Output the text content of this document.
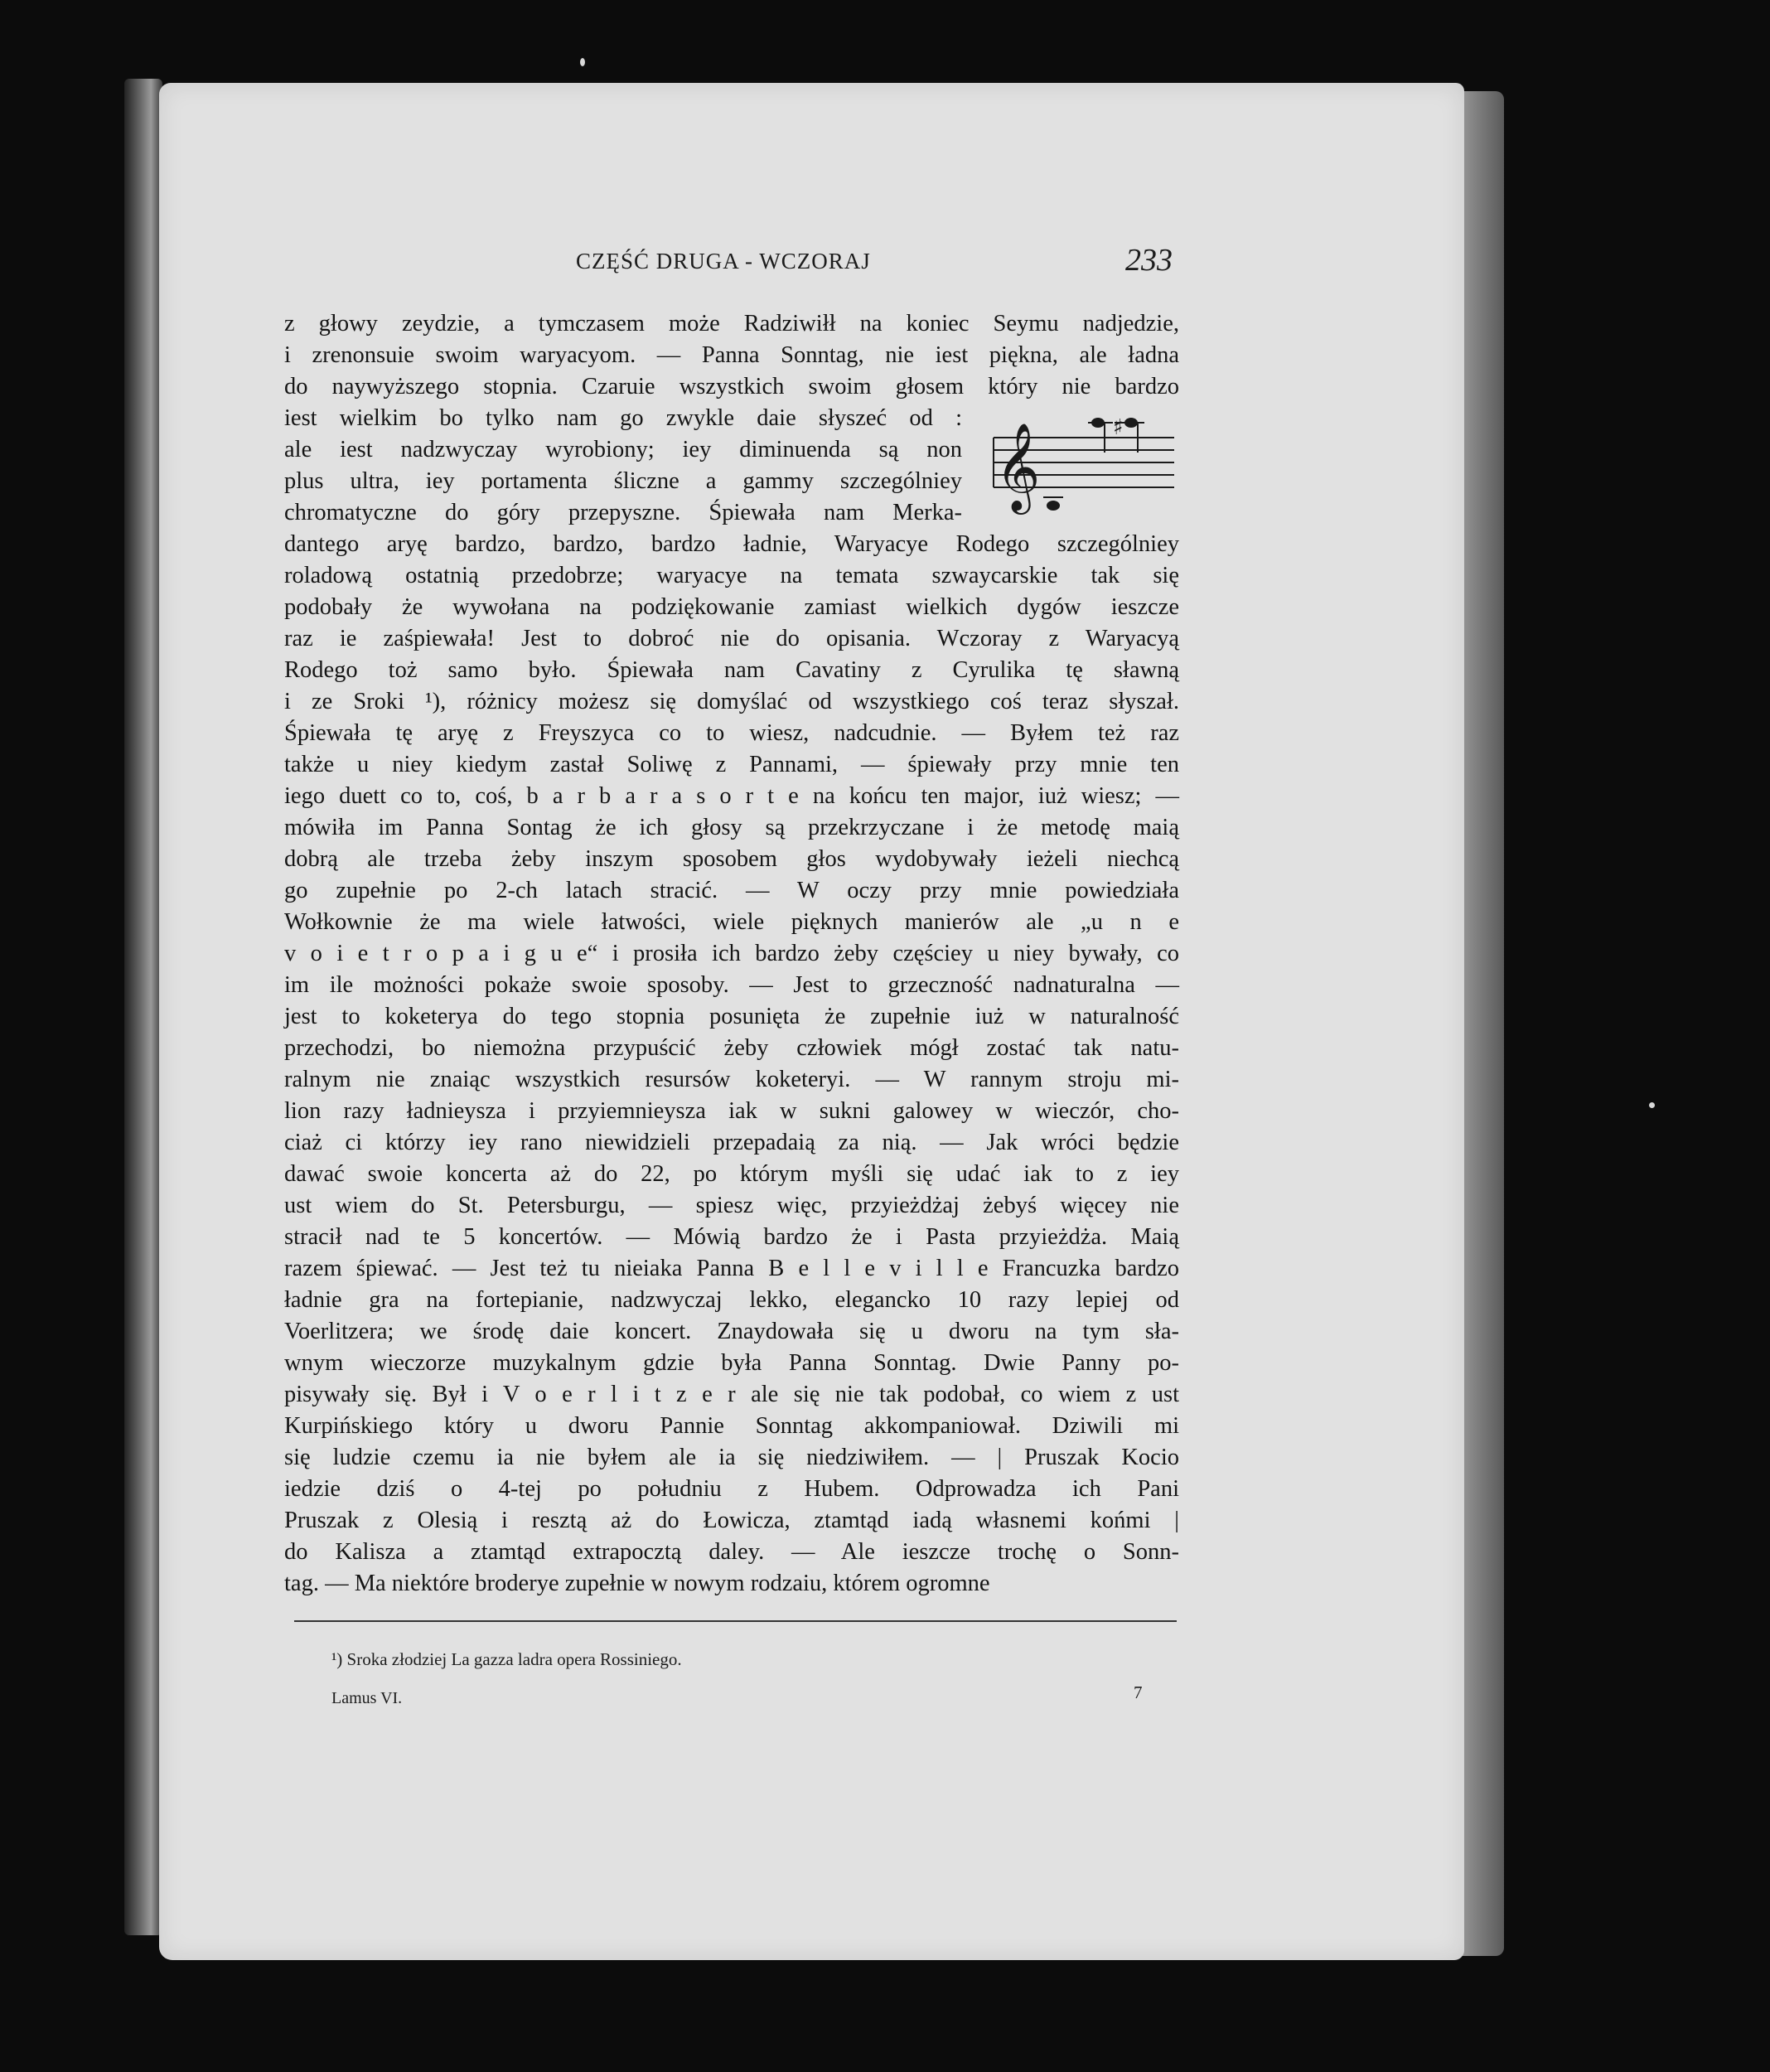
CZĘŚĆ DRUGA - WCZORAJ	233
z głowy zeydzie, a tymczasem może Radziwiłł na koniec Seymu nadjedzie,
i zrenonsuie swoim waryacyom. — Panna Sonntag, nie iest piękna, ale ładna
do naywyższego stopnia. Czaruie wszystkich swoim głosem który nie bardzo
iest wielkim bo tylko nam go zwykle daie słyszeć od :
ale iest nadzwyczay wyrobiony; iey diminuenda są non
plus ultra, iey portamenta śliczne a gammy szczególniey
chromatyczne do góry przepyszne. Śpiewała nam Merka-
dantego aryę bardzo, bardzo, bardzo ładnie, Waryacye Rodego szczególniey
roladową ostatnią przedobrze; waryacye na temata szwaycarskie tak się
podobały że wywołana na podziękowanie zamiast wielkich dygów ieszcze
raz ie zaśpiewała! Jest to dobroć nie do opisania. Wczoray z Waryacyą
Rodego toż samo było. Śpiewała nam Cavatiny z Cyrulika tę sławną
i ze Sroki ¹), różnicy możesz się domyślać od wszystkiego coś teraz słyszał.
Śpiewała tę aryę z Freyszyca co to wiesz, nadcudnie. — Byłem też raz
także u niey kiedym zastał Soliwę z Pannami, — śpiewały przy mnie ten
iego duett co to, coś, b a r b a r a s o r t e na końcu ten major, iuż wiesz; —
mówiła im Panna Sontag że ich głosy są przekrzyczane i że metodę maią
dobrą ale trzeba żeby inszym sposobem głos wydobywały ieżeli niechcą
go zupełnie po 2-ch latach stracić. — W oczy przy mnie powiedziała
Wołkownie że ma wiele łatwości, wiele pięknych manierów ale „u n e
v o i e t r o p a i g u e“ i prosiła ich bardzo żeby częściey u niey bywały, co
im ile możności pokaże swoie sposoby. — Jest to grzeczność nadnaturalna —
jest to koketerya do tego stopnia posunięta że zupełnie iuż w naturalność
przechodzi, bo niemożna przypuścić żeby człowiek mógł zostać tak natu-
ralnym nie znaiąc wszystkich resursów koketeryi. — W rannym stroju mi-
lion razy ładnieysza i przyiemnieysza iak w sukni galowey w wieczór, cho-
ciaż ci którzy iey rano niewidzieli przepadaią za nią. — Jak wróci będzie
dawać swoie koncerta aż do 22, po którym myśli się udać iak to z iey
ust wiem do St. Petersburgu, — spiesz więc, przyieżdżaj żebyś więcey nie
stracił nad te 5 koncertów. — Mówią bardzo że i Pasta przyieżdża. Maią
razem śpiewać. — Jest też tu nieiaka Panna B e l l e v i l l e Francuzka bardzo
ładnie gra na fortepianie, nadzwyczaj lekko, elegancko 10 razy lepiej od
Voerlitzera; we środę daie koncert. Znaydowała się u dworu na tym sła-
wnym wieczorze muzykalnym gdzie była Panna Sonntag. Dwie Panny po-
pisywały się. Był i V o e r l i t z e r ale się nie tak podobał, co wiem z ust
Kurpińskiego który u dworu Pannie Sonntag akkompaniował. Dziwili mi
się ludzie czemu ia nie byłem ale ia się niedziwiłem. — | Pruszak Kocio
iedzie dziś o 4-tej po południu z Hubem. Odprowadza ich Pani
Pruszak z Olesią i resztą aż do Łowicza, ztamtąd iadą własnemi końmi |
do Kalisza a ztamtąd extrapocztą daley. — Ale ieszcze trochę o Sonn-
tag. — Ma niektóre broderye zupełnie w nowym rodzaiu, którem ogromne
𝄞	♯
¹) Sroka złodziej La gazza ladra opera Rossiniego.
Lamus VI.	7
